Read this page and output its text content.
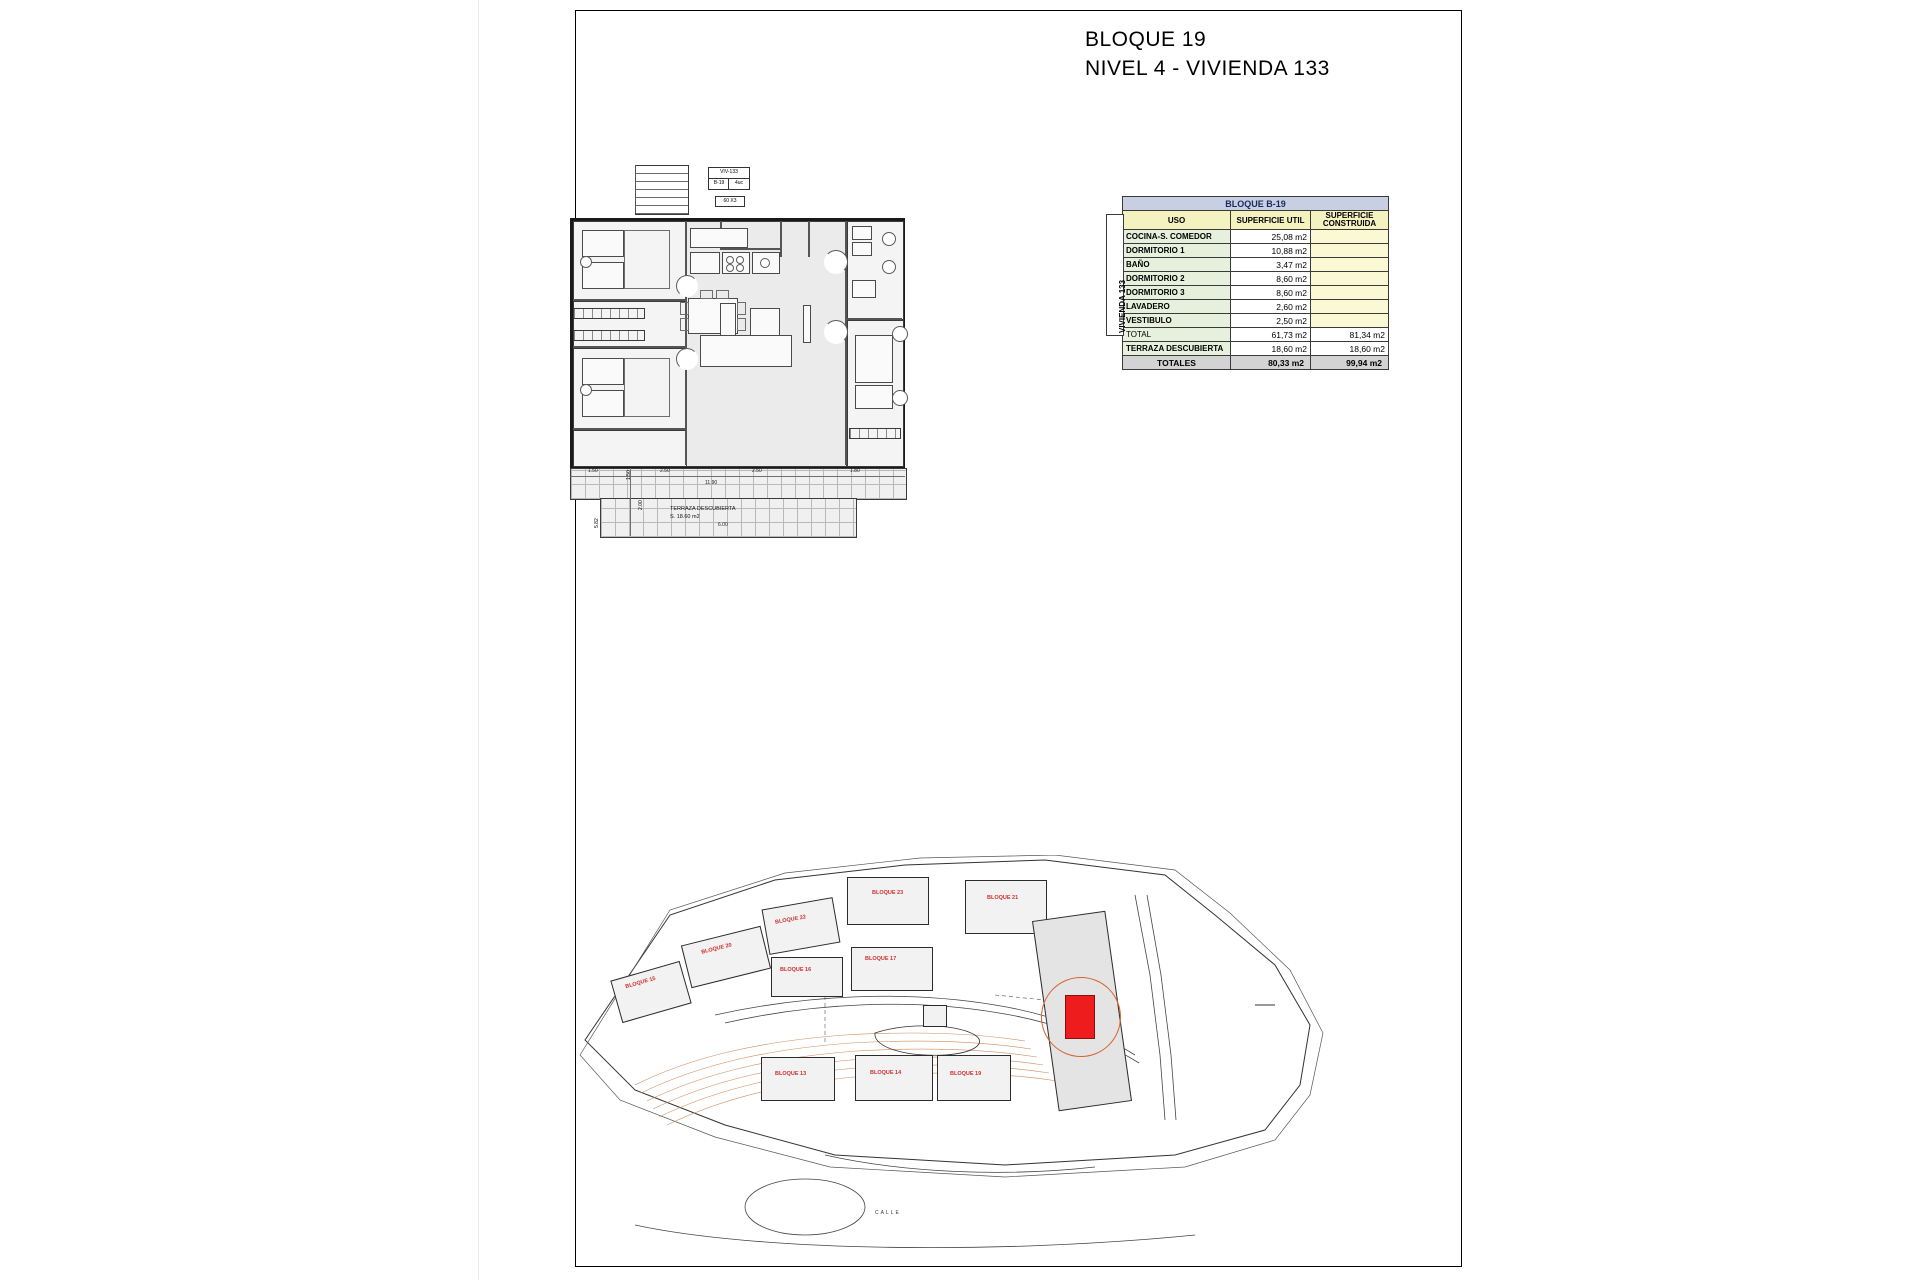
BLOQUE 19
NIVEL 4 - VIVIENDA 133
VIV-133
B-19	4uc
60 X3
TERRAZA DESCUBIERTA
S. 18.60 m2
1.50	2.50	2.50	1.80
11.90
6.00
1.50
2.00
5.82
VIVIENDA 133
BLOQUE B-19		
USO	SUPERFICIE UTIL	SUPERFICIE CONSTRUIDA
COCINA-S. COMEDOR	25,08 m2	
DORMITORIO 1	10,88 m2	
BAÑO	3,47 m2	
DORMITORIO 2	8,60 m2	
DORMITORIO 3	8,60 m2	
LAVADERO	2,60 m2	
VESTIBULO	2,50 m2	
TOTAL	61,73 m2	81,34 m2
TERRAZA DESCUBIERTA	18,60 m2	18,60 m2
TOTALES	80,33 m2	99,94 m2
BLOQUE 15
BLOQUE 20
BLOQUE 22
BLOQUE 23
BLOQUE 21
BLOQUE 16
BLOQUE 17
BLOQUE 13	BLOQUE 14	BLOQUE 19
CALLE
